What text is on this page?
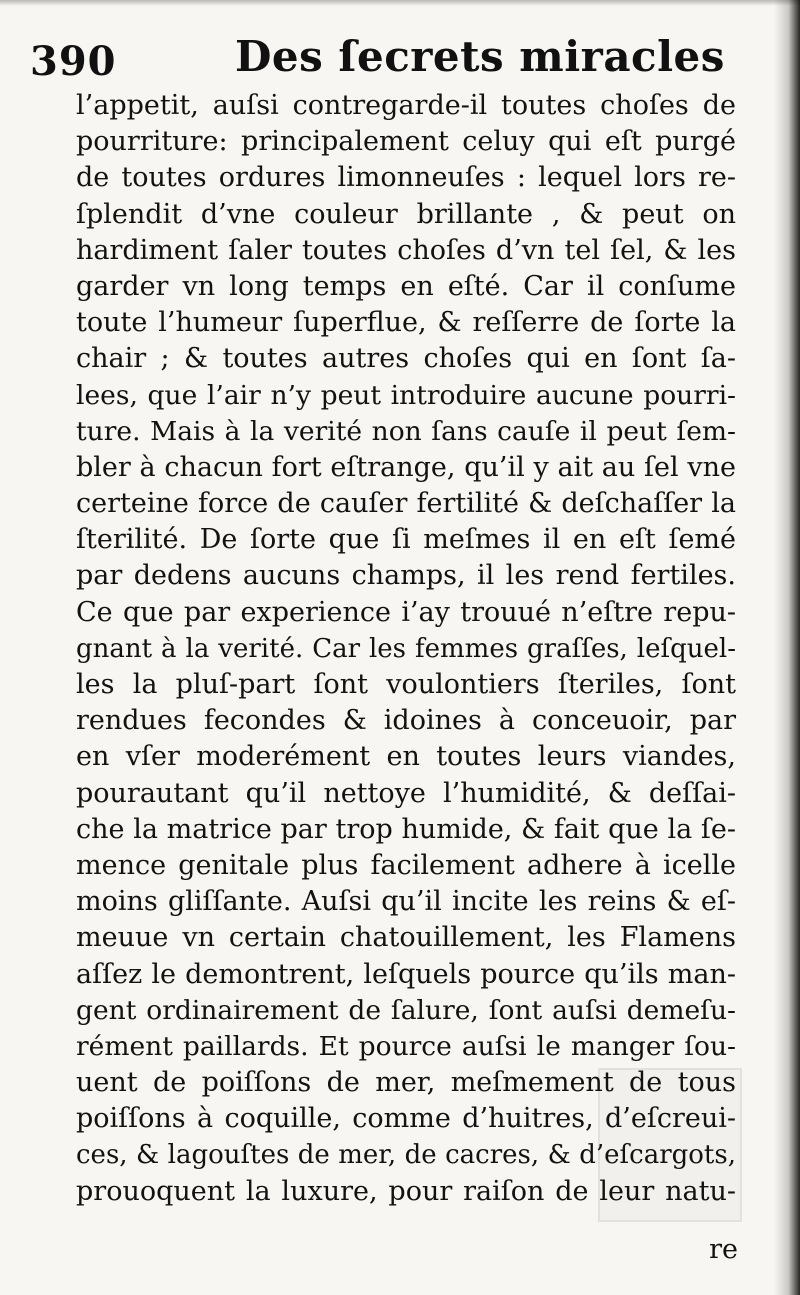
390	Des ſecrets miracles
l’appetit, auſsi contregarde-il toutes choſes de
pourriture: principalement celuy qui eſt purgé
de toutes ordures limonneuſes : lequel lors re-
ſplendit d’vne couleur brillante , & peut on
hardiment ſaler toutes choſes d’vn tel ſel, & les
garder vn long temps en eſté. Car il conſume
toute l’humeur ſuperflue, & reſſerre de ſorte la
chair ; & toutes autres choſes qui en ſont ſa-
lees, que l’air n’y peut introduire aucune pourri-
ture. Mais à la verité non ſans cauſe il peut ſem-
bler à chacun fort eſtrange, qu’il y ait au ſel vne
certeine force de cauſer fertilité & deſchaſſer la
ſterilité. De ſorte que ſi meſmes il en eſt ſemé
par dedens aucuns champs, il les rend fertiles.
Ce que par experience i’ay trouué n’eſtre repu-
gnant à la verité. Car les femmes graſſes, leſquel-
les la pluſ-part ſont voulontiers ſteriles, ſont
rendues fecondes & idoines à conceuoir, par
en vſer moderément en toutes leurs viandes,
pourautant qu’il nettoye l’humidité, & deſſai-
che la matrice par trop humide, & fait que la ſe-
mence genitale plus facilement adhere à icelle
moins gliſſante. Auſsi qu’il incite les reins & eſ-
meuue vn certain chatouillement, les Flamens
aſſez le demontrent, leſquels pource qu’ils man-
gent ordinairement de ſalure, ſont auſsi demeſu-
rément paillards. Et pource auſsi le manger ſou-
uent de poiſſons de mer, meſmement de tous
poiſſons à coquille, comme d’huitres, d’eſcreui-
ces, & lagouſtes de mer, de cacres, & d’eſcargots,
prouoquent la luxure, pour raiſon de leur natu-
re
